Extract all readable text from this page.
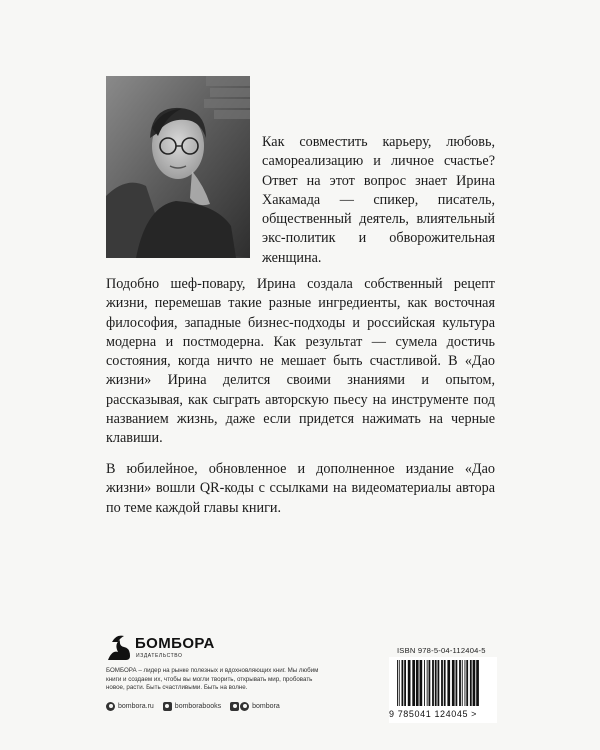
Как совместить карьеру, любовь, самореализацию и личное счастье? Ответ на этот вопрос знает Ирина Хакамада — спикер, писатель, общественный деятель, влиятельный экс-политик и обворожительная женщина.
Подобно шеф-повару, Ирина создала собственный рецепт жизни, перемешав такие разные ингредиенты, как восточная философия, западные бизнес-подходы и российская культура модерна и постмодерна. Как результат — сумела достичь состояния, когда ничто не мешает быть счастливой. В «Дао жизни» Ирина делится своими знаниями и опытом, рассказывая, как сыграть авторскую пьесу на инструменте под названием жизнь, даже если придется нажимать на черные клавиши.
В юбилейное, обновленное и дополненное издание «Дао жизни» вошли QR-коды с ссылками на видеоматериалы автора по теме каждой главы книги.
БОМБОРА
ИЗДАТЕЛЬСТВО
БОМБОРА – лидер на рынке полезных и вдохновляющих книг. Мы любим книги и создаем их, чтобы вы могли творить, открывать мир, пробовать новое, расти. Быть счастливыми. Быть на волне.
bombora.ru	bomborabooks	bombora
ISBN 978-5-04-112404-5
9 785041 124045 >
